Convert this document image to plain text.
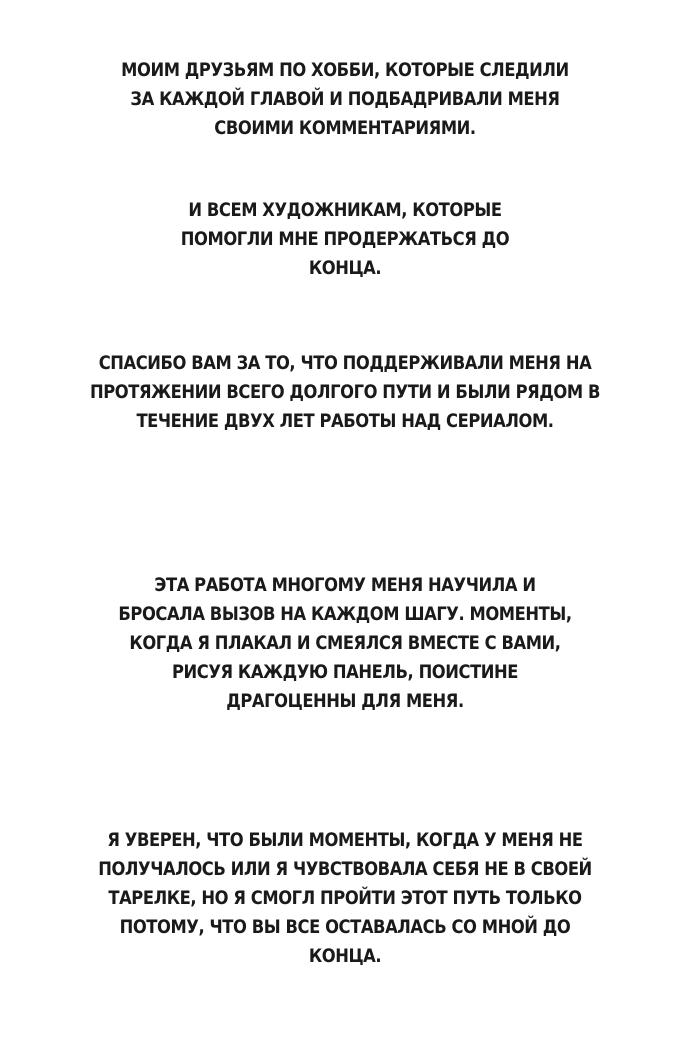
МОИМ ДРУЗЬЯМ ПО ХОББИ, КОТОРЫЕ СЛЕДИЛИ
ЗА КАЖДОЙ ГЛАВОЙ И ПОДБАДРИВАЛИ МЕНЯ
СВОИМИ КОММЕНТАРИЯМИ.
И ВСЕМ ХУДОЖНИКАМ, КОТОРЫЕ
ПОМОГЛИ МНЕ ПРОДЕРЖАТЬСЯ ДО
КОНЦА.
СПАСИБО ВАМ ЗА ТО, ЧТО ПОДДЕРЖИВАЛИ МЕНЯ НА
ПРОТЯЖЕНИИ ВСЕГО ДОЛГОГО ПУТИ И БЫЛИ РЯДОМ В
ТЕЧЕНИЕ ДВУХ ЛЕТ РАБОТЫ НАД СЕРИАЛОМ.
ЭТА РАБОТА МНОГОМУ МЕНЯ НАУЧИЛА И
БРОСАЛА ВЫЗОВ НА КАЖДОМ ШАГУ. МОМЕНТЫ,
КОГДА Я ПЛАКАЛ И СМЕЯЛСЯ ВМЕСТЕ С ВАМИ,
РИСУЯ КАЖДУЮ ПАНЕЛЬ, ПОИСТИНЕ
ДРАГОЦЕННЫ ДЛЯ МЕНЯ.
Я УВЕРЕН, ЧТО БЫЛИ МОМЕНТЫ, КОГДА У МЕНЯ НЕ
ПОЛУЧАЛОСЬ ИЛИ Я ЧУВСТВОВАЛА СЕБЯ НЕ В СВОЕЙ
ТАРЕЛКЕ, НО Я СМОГЛ ПРОЙТИ ЭТОТ ПУТЬ ТОЛЬКО
ПОТОМУ, ЧТО ВЫ ВСЕ ОСТАВАЛАСЬ СО МНОЙ ДО
КОНЦА.
